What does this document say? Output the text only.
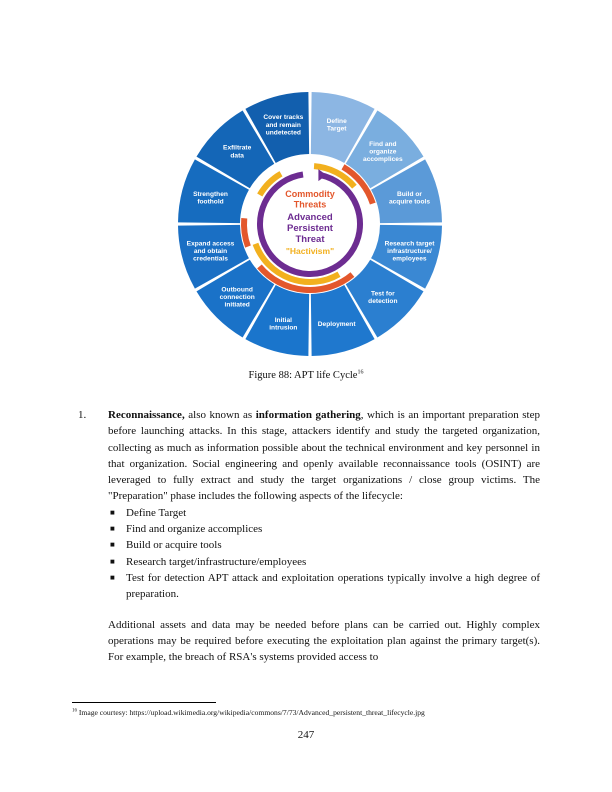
Define Target
Find and organize accomplices
Build or acquire tools
Research target infrastructure/ employees
Test for detection
Deployment
Initial intrusion
Outbound connection initiated
Expand access and obtain credentials
Strengthen foothold
Exfiltrate data
Cover tracks and remain undetected
Commodity Threats
Advanced Persistent Threat
"Hactivism"
Figure 88: APT life Cycle$^{16}$
1. Reconnaissance, also known as information gathering, which is an important preparation step before launching attacks. In this stage, attackers identify and study the targeted organization, collecting as much as information possible about the technical environment and key personnel in that organization. Social engineering and openly available reconnaissance tools (OSINT) are leveraged to fully extract and study the target organizations / close group victims. The "Preparation" phase includes the following aspects of the lifecycle:
■ Define Target
■ Find and organize accomplices
■ Build or acquire tools
■ Research target/infrastructure/employees
■ Test for detection APT attack and exploitation operations typically involve a high degree of preparation.
Additional assets and data may be needed before plans can be carried out. Highly complex operations may be required before executing the exploitation plan against the primary target(s). For example, the breach of RSA's systems provided access to
$^{16}$ Image courtesy: https://upload.wikimedia.org/wikipedia/commons/7/73/Advanced_persistent_threat_lifecycle.jpg
247
